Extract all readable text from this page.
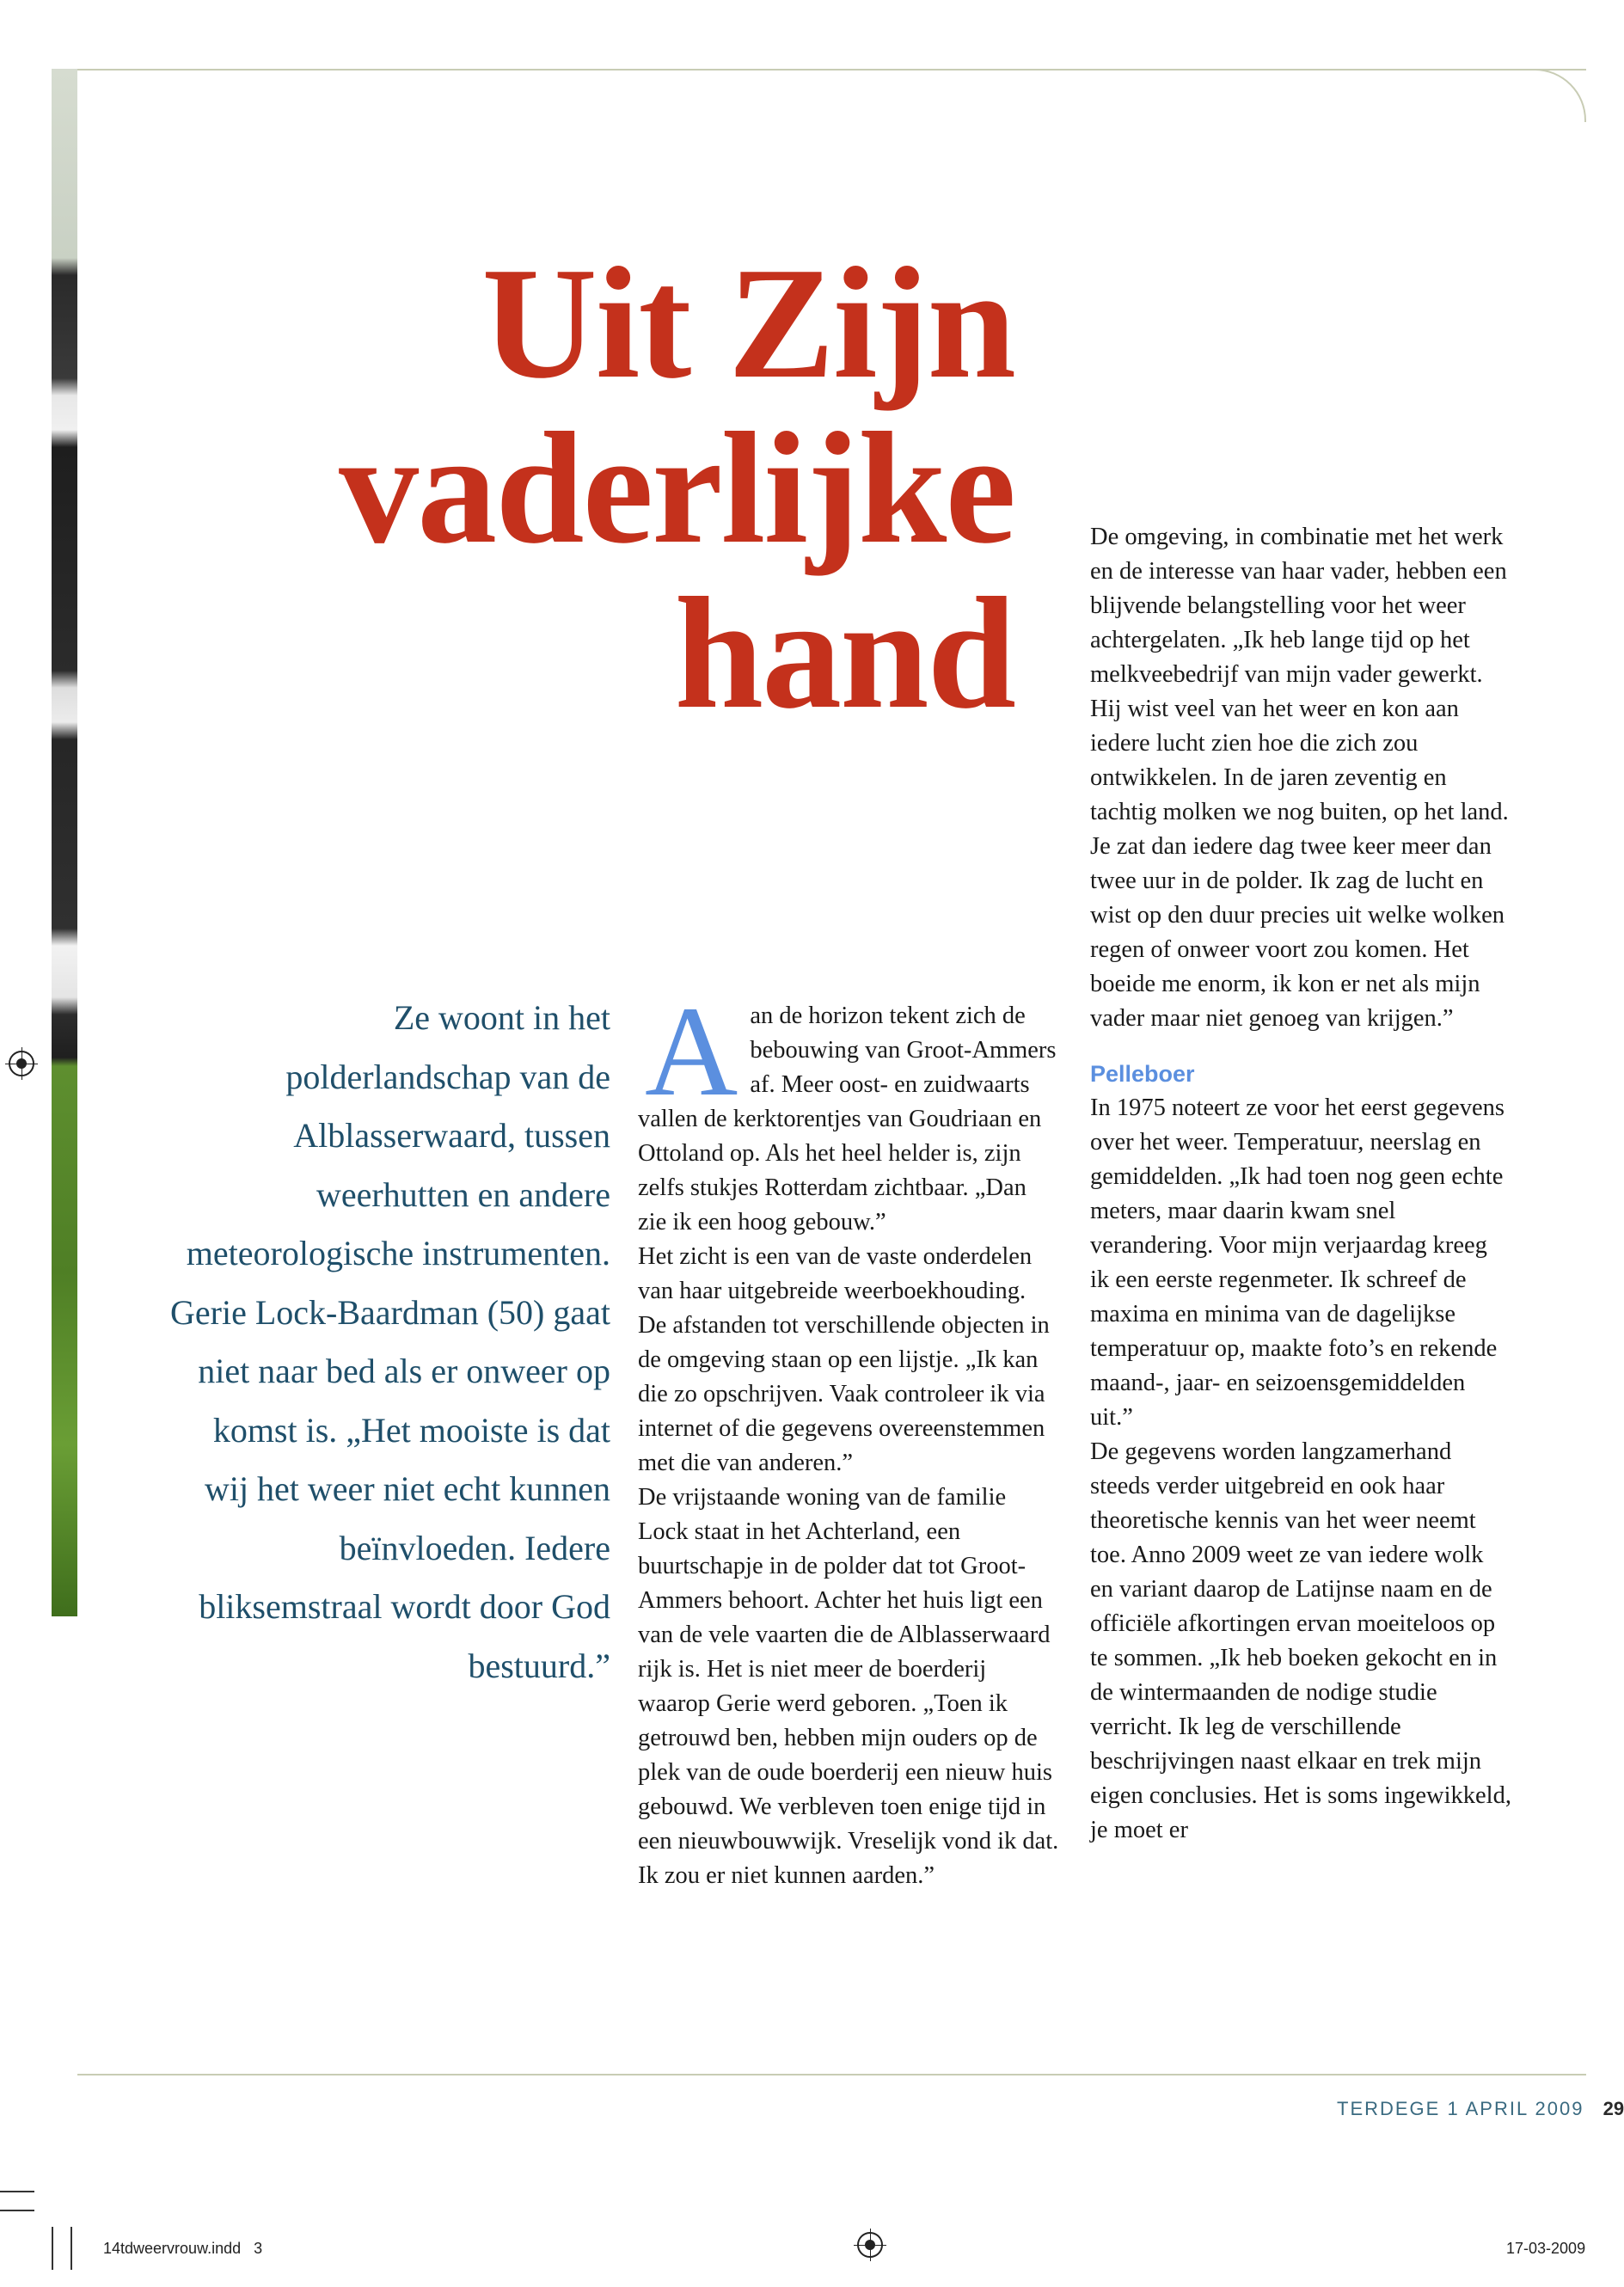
Uit Zijn
vaderlijke
hand
Ze woont in het polderlandschap van de Alblasserwaard, tussen weerhutten en andere meteorologische instrumenten. Gerie Lock-Baardman (50) gaat niet naar bed als er onweer op komst is. „Het mooiste is dat wij het weer niet echt kunnen beïnvloeden. Iedere bliksemstraal wordt door God bestuurd.”

Aan de horizon tekent zich de bebouwing van Groot-Ammers af. Meer oost- en zuidwaarts vallen de kerktorentjes van Goudriaan en Ottoland op. Als het heel helder is, zijn zelfs stukjes Rotterdam zichtbaar. „Dan zie ik een hoog gebouw.”

Het zicht is een van de vaste onderdelen van haar uitgebreide weerboekhouding. De afstanden tot verschillende objecten in de omgeving staan op een lijstje. „Ik kan die zo opschrijven. Vaak controleer ik via internet of die gegevens overeenstemmen met die van anderen.”

De vrijstaande woning van de familie Lock staat in het Achterland, een buurtschapje in de polder dat tot Groot-Ammers behoort. Achter het huis ligt een van de vele vaarten die de Alblasserwaard rijk is. Het is niet meer de boerderij waarop Gerie werd geboren. „Toen ik getrouwd ben, hebben mijn ouders op de plek van de oude boerderij een nieuw huis gebouwd. We verbleven toen enige tijd in een nieuwbouwwijk. Vreselijk vond ik dat. Ik zou er niet kunnen aarden.”

De omgeving, in combinatie met het werk en de interesse van haar vader, hebben een blijvende belangstelling voor het weer achtergelaten. „Ik heb lange tijd op het melkveebedrijf van mijn vader gewerkt. Hij wist veel van het weer en kon aan iedere lucht zien hoe die zich zou ontwikkelen. In de jaren zeventig en tachtig molken we nog buiten, op het land. Je zat dan iedere dag twee keer meer dan twee uur in de polder. Ik zag de lucht en wist op den duur precies uit welke wolken regen of onweer voort zou komen. Het boeide me enorm, ik kon er net als mijn vader maar niet genoeg van krijgen.”

Pelleboer

In 1975 noteert ze voor het eerst gegevens over het weer. Temperatuur, neerslag en gemiddelden. „Ik had toen nog geen echte meters, maar daarin kwam snel verandering. Voor mijn verjaardag kreeg ik een eerste regenmeter. Ik schreef de maxima en minima van de dagelijkse temperatuur op, maakte foto’s en rekende maand-, jaar- en seizoensgemiddelden uit.”

De gegevens worden langzamerhand steeds verder uitgebreid en ook haar theoretische kennis van het weer neemt toe. Anno 2009 weet ze van iedere wolk en variant daarop de Latijnse naam en de officiële afkortingen ervan moeiteloos op te sommen. „Ik heb boeken gekocht en in de wintermaanden de nodige studie verricht. Ik leg de verschillende beschrijvingen naast elkaar en trek mijn eigen conclusies. Het is soms ingewikkeld, je moet er

TERDEGE 1 APRIL 2009 29
14tdweervrouw.indd   3	17-03-2009
